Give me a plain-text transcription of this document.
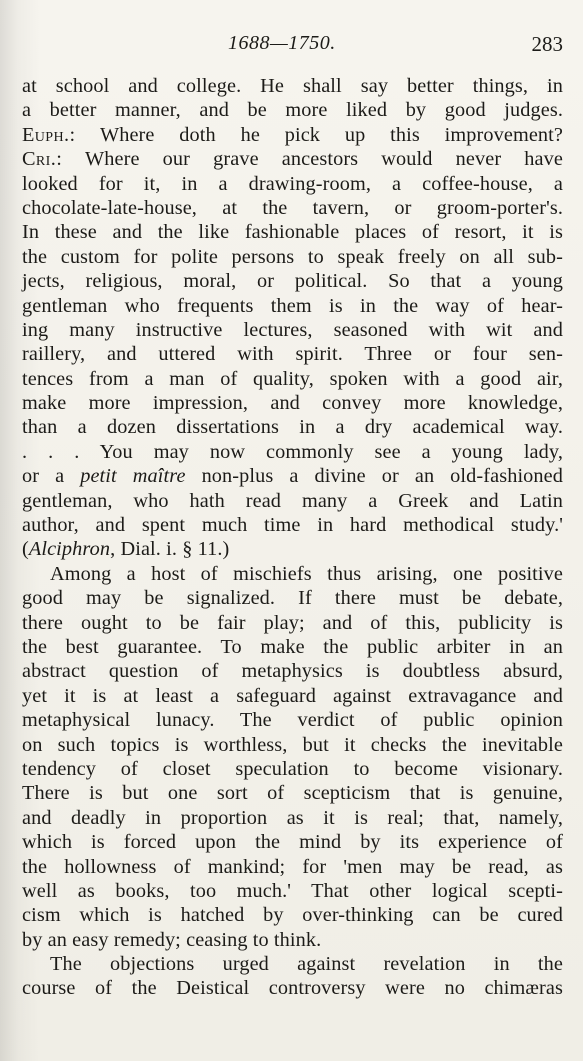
1688—1750.	283
at school and college. He shall say better things, in
a better manner, and be more liked by good judges.
Euph.: Where doth he pick up this improvement?
Cri.: Where our grave ancestors would never have
looked for it, in a drawing-room, a coffee-house, a
chocolate-late-house, at the tavern, or groom-porter's.
In these and the like fashionable places of resort, it is
the custom for polite persons to speak freely on all sub-
jects, religious, moral, or political. So that a young
gentleman who frequents them is in the way of hear-
ing many instructive lectures, seasoned with wit and
raillery, and uttered with spirit. Three or four sen-
tences from a man of quality, spoken with a good air,
make more impression, and convey more knowledge,
than a dozen dissertations in a dry academical way.
. . . You may now commonly see a young lady,
or a petit maître non-plus a divine or an old-fashioned
gentleman, who hath read many a Greek and Latin
author, and spent much time in hard methodical study.'
(Alciphron, Dial. i. § 11.)
Among a host of mischiefs thus arising, one positive
good may be signalized. If there must be debate,
there ought to be fair play; and of this, publicity is
the best guarantee. To make the public arbiter in an
abstract question of metaphysics is doubtless absurd,
yet it is at least a safeguard against extravagance and
metaphysical lunacy. The verdict of public opinion
on such topics is worthless, but it checks the inevitable
tendency of closet speculation to become visionary.
There is but one sort of scepticism that is genuine,
and deadly in proportion as it is real; that, namely,
which is forced upon the mind by its experience of
the hollowness of mankind; for 'men may be read, as
well as books, too much.' That other logical scepti-
cism which is hatched by over-thinking can be cured
by an easy remedy; ceasing to think.
The objections urged against revelation in the
course of the Deistical controversy were no chimæras
